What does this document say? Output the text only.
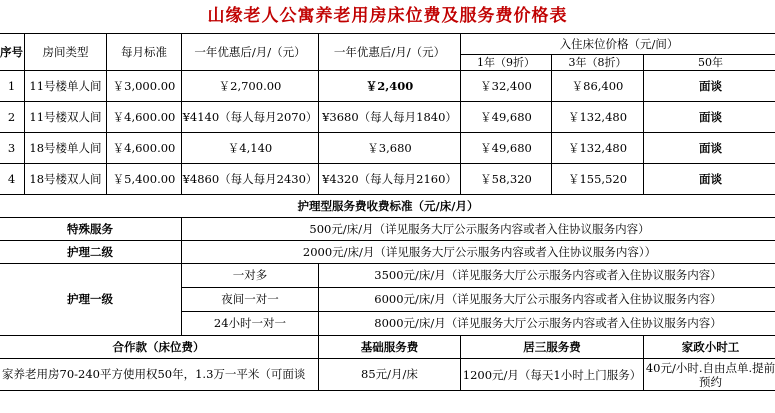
山缘老人公寓养老用房床位费及服务费价格表
序号	房间类型	每月标准	一年优惠后/月/（元）	一年优惠后/月/（元）	入住床位价格（元/间）		
					1年（9折）	3年（8折）	50年
1	11号楼单人间	￥3,000.00	￥2,700.00	￥2,400	￥32,400	￥86,400	面谈
2	11号楼双人间	￥4,600.00	¥4140（每人每月2070）	¥3680（每人每月1840）	￥49,680	￥132,480	面谈
3	18号楼单人间	￥4,600.00	￥4,140	￥3,680	￥49,680	￥132,480	面谈
4	18号楼双人间	￥5,400.00	¥4860（每人每月2430）	¥4320（每人每月2160）	￥58,320	￥155,520	面谈
护理型服务费收费标准（元/床/月）							
特殊服务			500元/床/月（详见服务大厅公示服务内容或者入住协议服务内容）				
护理二级			2000元/床/月（详见服务大厅公示服务内容或者入住协议服务内容））				
护理一级			一对多	3500元/床/月（详见服务大厅公示服务内容或者入住协议服务内容）			
			夜间一对一	6000元/床/月（详见服务大厅公示服务内容或者入住协议服务内容）			
			24小时一对一	8000元/床/月（详见服务大厅公示服务内容或者入住协议服务内容）			
合作款（床位费）				基础服务费	居三服务费		家政小时工
家养老用房70-240平方使用权50年，1.3万一平米（可面谈				85元/月/床	1200元/月（每天1小时上门服务）		40元/小时.自由点单.提前预约
